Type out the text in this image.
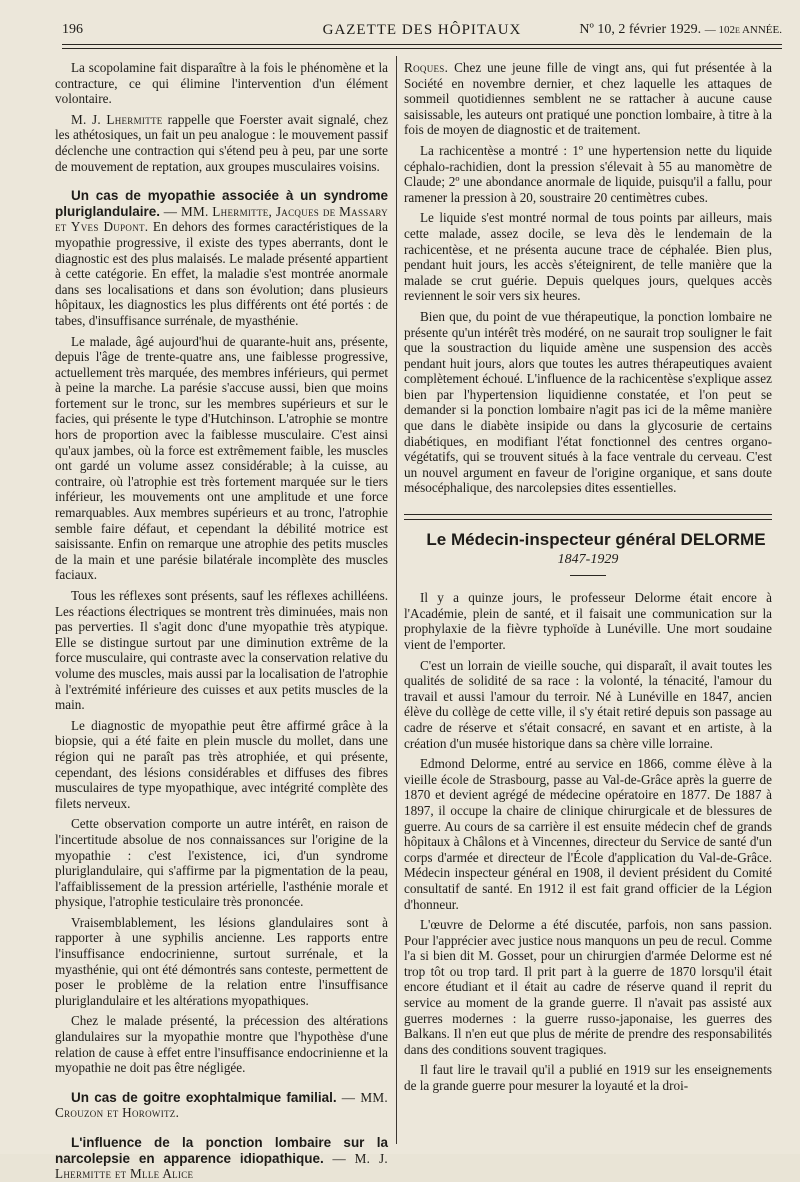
196	GAZETTE DES HÔPITAUX	Nº 10, 2 février 1929. — 102e ANNÉE.

La scopolamine fait disparaître à la fois le phénomène et la contracture, ce qui élimine l'intervention d'un élément volontaire.

M. J. Lhermitte rappelle que Foerster avait signalé, chez les athétosiques, un fait un peu analogue : le mouvement passif déclenche une contraction qui s'étend peu à peu, par une sorte de mouvement de reptation, aux groupes musculaires voisins.

Un cas de myopathie associée à un syndrome pluriglandulaire. — MM. Lhermitte, Jacques de Massary et Yves Dupont. En dehors des formes caractéristiques de la myopathie progressive, il existe des types aberrants, dont le diagnostic est des plus malaisés. Le malade présenté appartient à cette catégorie. En effet, la maladie s'est montrée anormale dans ses localisations et dans son évolution; dans plusieurs hôpitaux, les diagnostics les plus différents ont été portés : de tabes, d'insuffisance surrénale, de myasthénie.

Le malade, âgé aujourd'hui de quarante-huit ans, présente, depuis l'âge de trente-quatre ans, une faiblesse progressive, actuellement très marquée, des membres inférieurs, qui permet à peine la marche. La parésie s'accuse aussi, bien que moins fortement sur le tronc, sur les membres supérieurs et sur le facies, qui présente le type d'Hutchinson. L'atrophie se montre hors de proportion avec la faiblesse musculaire. C'est ainsi qu'aux jambes, où la force est extrêmement faible, les muscles ont gardé un volume assez considérable; à la cuisse, au contraire, où l'atrophie est très fortement marquée sur le tiers inférieur, les mouvements ont une amplitude et une force remarquables. Aux membres supérieurs et au tronc, l'atrophie semble faire défaut, et cependant la débilité motrice est saisissante. Enfin on remarque une atrophie des petits muscles de la main et une parésie bilatérale incomplète des muscles faciaux.

Tous les réflexes sont présents, sauf les réflexes achilléens. Les réactions électriques se montrent très diminuées, mais non pas perverties. Il s'agit donc d'une myopathie très atypique. Elle se distingue surtout par une diminution extrême de la force musculaire, qui contraste avec la conservation relative du volume des muscles, mais aussi par la localisation de l'atrophie à l'extrémité inférieure des cuisses et aux petits muscles de la main.

Le diagnostic de myopathie peut être affirmé grâce à la biopsie, qui a été faite en plein muscle du mollet, dans une région qui ne paraît pas très atrophiée, et qui présente, cependant, des lésions considérables et diffuses des fibres musculaires de type myopathique, avec intégrité complète des filets nerveux.

Cette observation comporte un autre intérêt, en raison de l'incertitude absolue de nos connaissances sur l'origine de la myopathie : c'est l'existence, ici, d'un syndrome pluriglandulaire, qui s'affirme par la pigmentation de la peau, l'affaiblissement de la pression artérielle, l'asthénie morale et physique, l'atrophie testiculaire très prononcée.

Vraisemblablement, les lésions glandulaires sont à rapporter à une syphilis ancienne. Les rapports entre l'insuffisance endocrinienne, surtout surrénale, et la myasthénie, qui ont été démontrés sans conteste, permettent de poser le problème de la relation entre l'insuffisance pluriglandulaire et les altérations myopathiques.

Chez le malade présenté, la précession des altérations glandulaires sur la myopathie montre que l'hypothèse d'une relation de cause à effet entre l'insuffisance endocrinienne et la myopathie ne doit pas être négligée.

Un cas de goitre exophtalmique familial. — MM. Crouzon et Horowitz.

L'influence de la ponction lombaire sur la narcolepsie en apparence idiopathique. — M. J. Lhermitte et Mlle Alice

Roques. Chez une jeune fille de vingt ans, qui fut présentée à la Société en novembre dernier, et chez laquelle les attaques de sommeil quotidiennes semblent ne se rattacher à aucune cause saisissable, les auteurs ont pratiqué une ponction lombaire, à titre à la fois de moyen de diagnostic et de traitement.

La rachicentèse a montré : 1º une hypertension nette du liquide céphalo-rachidien, dont la pression s'élevait à 55 au manomètre de Claude; 2º une abondance anormale de liquide, puisqu'il a fallu, pour ramener la pression à 20, soustraire 20 centimètres cubes.

Le liquide s'est montré normal de tous points par ailleurs, mais cette malade, assez docile, se leva dès le lendemain de la rachicentèse, et ne présenta aucune trace de céphalée. Bien plus, pendant huit jours, les accès s'éteignirent, de telle manière que la malade se crut guérie. Depuis quelques jours, quelques accès reviennent le soir vers six heures.

Bien que, du point de vue thérapeutique, la ponction lombaire ne présente qu'un intérêt très modéré, on ne saurait trop souligner le fait que la soustraction du liquide amène une suspension des accès pendant huit jours, alors que toutes les autres thérapeutiques avaient complètement échoué. L'influence de la rachicentèse s'explique assez bien par l'hypertension liquidienne constatée, et l'on peut se demander si la ponction lombaire n'agit pas ici de la même manière que dans le diabète insipide ou dans la glycosurie de certains diabétiques, en modifiant l'état fonctionnel des centres organo-végétatifs, qui se trouvent situés à la face ventrale du cerveau. C'est un nouvel argument en faveur de l'origine organique, et sans doute mésocéphalique, des narcolepsies dites essentielles.

Le Médecin-inspecteur général DELORME

1847-1929

Il y a quinze jours, le professeur Delorme était encore à l'Académie, plein de santé, et il faisait une communication sur la prophylaxie de la fièvre typhoïde à Lunéville. Une mort soudaine vient de l'emporter.

C'est un lorrain de vieille souche, qui disparaît, il avait toutes les qualités de solidité de sa race : la volonté, la ténacité, l'amour du travail et aussi l'amour du terroir. Né à Lunéville en 1847, ancien élève du collège de cette ville, il s'y était retiré depuis son passage au cadre de réserve et s'était consacré, en savant et en artiste, à la création d'un musée historique dans sa chère ville lorraine.

Edmond Delorme, entré au service en 1866, comme élève à la vieille école de Strasbourg, passe au Val-de-Grâce après la guerre de 1870 et devient agrégé de médecine opératoire en 1877. De 1887 à 1897, il occupe la chaire de clinique chirurgicale et de blessures de guerre. Au cours de sa carrière il est ensuite médecin chef de grands hôpitaux à Châlons et à Vincennes, directeur du Service de santé d'un corps d'armée et directeur de l'École d'application du Val-de-Grâce. Médecin inspecteur général en 1908, il devient président du Comité consultatif de santé. En 1912 il est fait grand officier de la Légion d'honneur.

L'œuvre de Delorme a été discutée, parfois, non sans passion. Pour l'apprécier avec justice nous manquons un peu de recul. Comme l'a si bien dit M. Gosset, pour un chirurgien d'armée Delorme est né trop tôt ou trop tard. Il prit part à la guerre de 1870 lorsqu'il était encore étudiant et il était au cadre de réserve quand il reprit du service au moment de la grande guerre. Il n'avait pas assisté aux guerres modernes : la guerre russo-japonaise, les guerres des Balkans. Il n'en eut que plus de mérite de prendre des responsabilités dans des conditions souvent tragiques.

Il faut lire le travail qu'il a publié en 1919 sur les enseignements de la grande guerre pour mesurer la loyauté et la droi-
